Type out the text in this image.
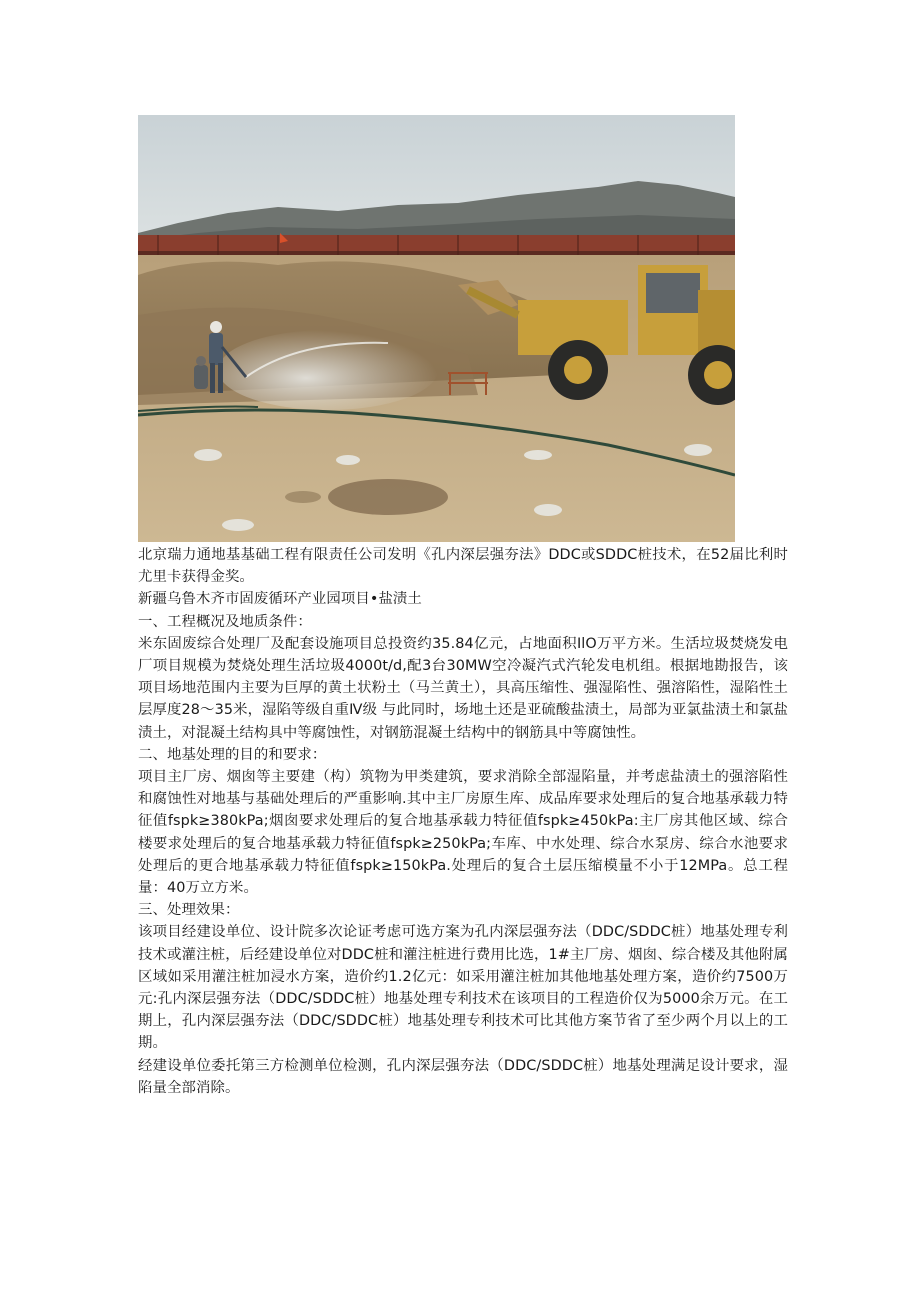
北京瑞力通地基基础工程有限责任公司发明《孔内深层强夯法》DDC或SDDC桩技术，在52届比利时尤里卡获得金奖。

新疆乌鲁木齐市固废循环产业园项目•盐渍土

一、工程概况及地质条件：

米东固废综合处理厂及配套设施项目总投资约35.84亿元，占地面积IlO万平方米。生活垃圾焚烧发电厂项目规模为焚烧处理生活垃圾4000t∕d,配3台30MW空冷凝汽式汽轮发电机组。根据地勘报告，该项目场地范围内主要为巨厚的黄土状粉土（马兰黄土），具高压缩性、强湿陷性、强溶陷性，湿陷性土层厚度28〜35米，湿陷等级自重Ⅳ级 与此同时，场地土还是亚硫酸盐渍土，局部为亚氯盐渍土和氯盐渍土，对混凝土结构具中等腐蚀性，对钢筋混凝土结构中的钢筋具中等腐蚀性。

二、地基处理的目的和要求：

项目主厂房、烟囱等主要建（构）筑物为甲类建筑，要求消除全部湿陷量，并考虑盐渍土的强溶陷性和腐蚀性对地基与基础处理后的严重影响.其中主厂房原生库、成品库要求处理后的复合地基承载力特征值fspk≥380kPa;烟囱要求处理后的复合地基承载力特征值fspk≥450kPa:主厂房其他区域、综合楼要求处理后的复合地基承载力特征值fspk≥250kPa;车库、中水处理、综合水泵房、综合水池要求处理后的更合地基承载力特征值fspk≥150kPa.处理后的复合土层压缩模量不小于12MPa。总工程量：40万立方米。

三、处理效果：

该项目经建设单位、设计院多次论证考虑可选方案为孔内深层强夯法（DDC∕SDDC桩）地基处理专利技术或灌注桩，后经建设单位对DDC桩和灌注桩进行费用比选，1#主厂房、烟囱、综合楼及其他附属区域如采用灌注桩加浸水方案，造价约1.2亿元：如采用灌注桩加其他地基处理方案，造价约7500万元:孔内深层强夯法（DDC/SDDC桩）地基处理专利技术在该项目的工程造价仅为5000余万元。在工期上，孔内深层强夯法（DDC/SDDC桩）地基处理专利技术可比其他方案节省了至少两个月以上的工期。

经建设单位委托第三方检测单位检测，孔内深层强夯法（DDC∕SDDC桩）地基处理满足设计要求，湿陷量全部消除。
